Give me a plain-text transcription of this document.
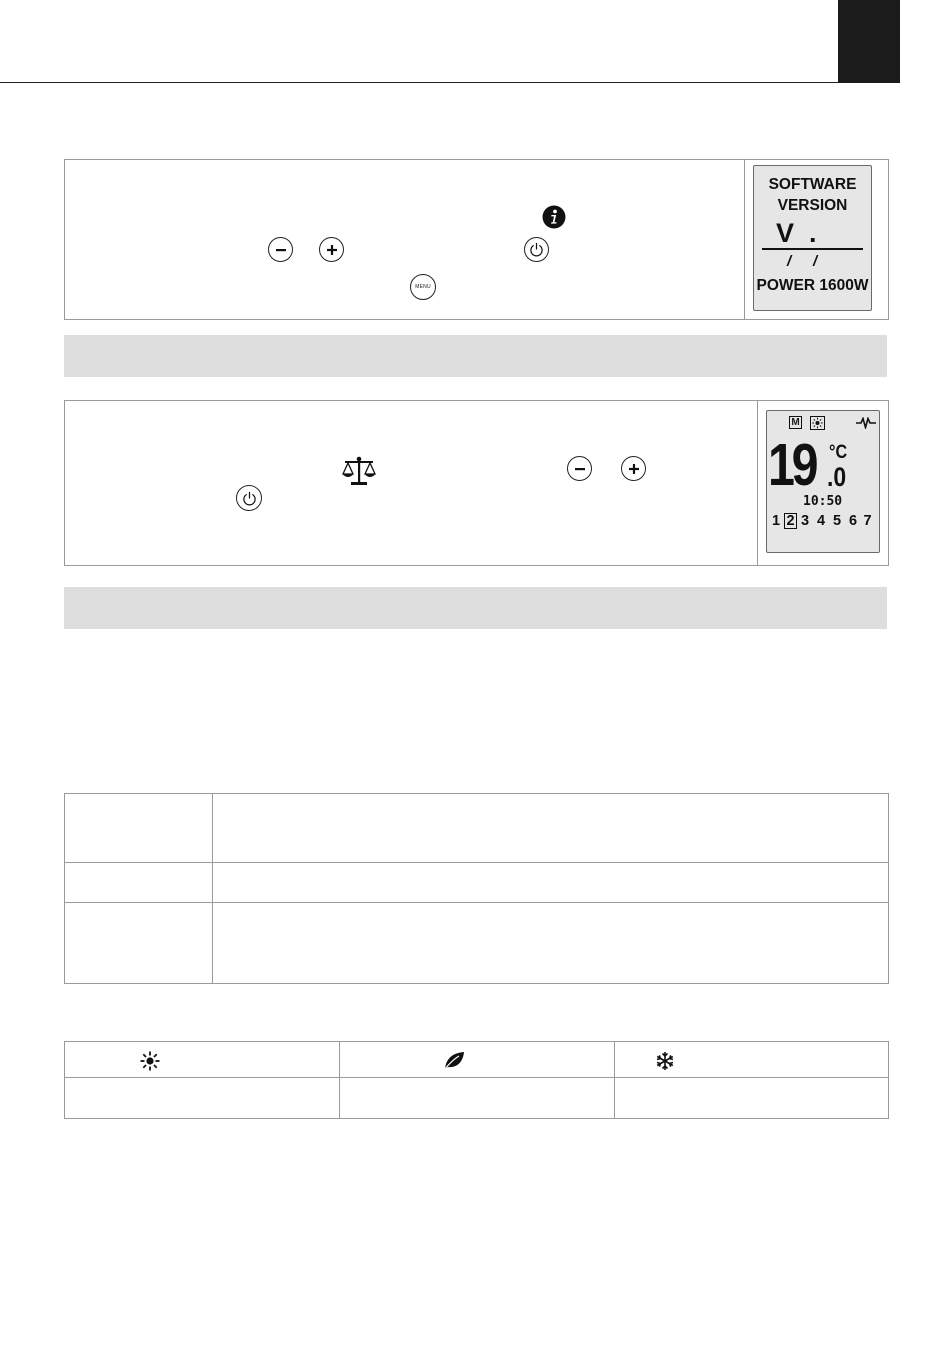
MENU
SOFTWARE
VERSION
V .
/ /
POWER 1600W
M
19 °C
.0
10:50
1 2 3 4 5 6 7
